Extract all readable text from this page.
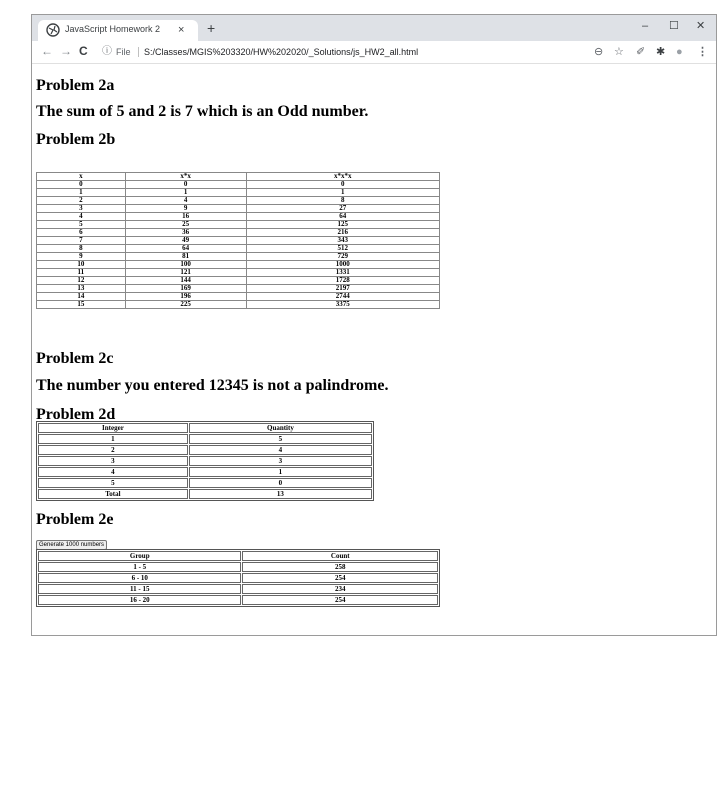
JavaScript Homework 2 × +	– ☐ ✕
← → C ⓘ File S:/Classes/MGIS%203320/HW%202020/_Solutions/js_HW2_all.html	⊖ ☆ ✐ ✱ ● ⋮
Problem 2a
The sum of 5 and 2 is 7 which is an Odd number.
Problem 2b
x	x*x	x*x*x
0	0	0
1	1	1
2	4	8
3	9	27
4	16	64
5	25	125
6	36	216
7	49	343
8	64	512
9	81	729
10	100	1000
11	121	1331
12	144	1728
13	169	2197
14	196	2744
15	225	3375
Problem 2c
The number you entered 12345 is not a palindrome.
Problem 2d
Integer	Quantity
1	5
2	4
3	3
4	1
5	0
Total	13
Problem 2e
Generate 1000 numbers
Group	Count
1 - 5	258
6 - 10	254
11 - 15	234
16 - 20	254
